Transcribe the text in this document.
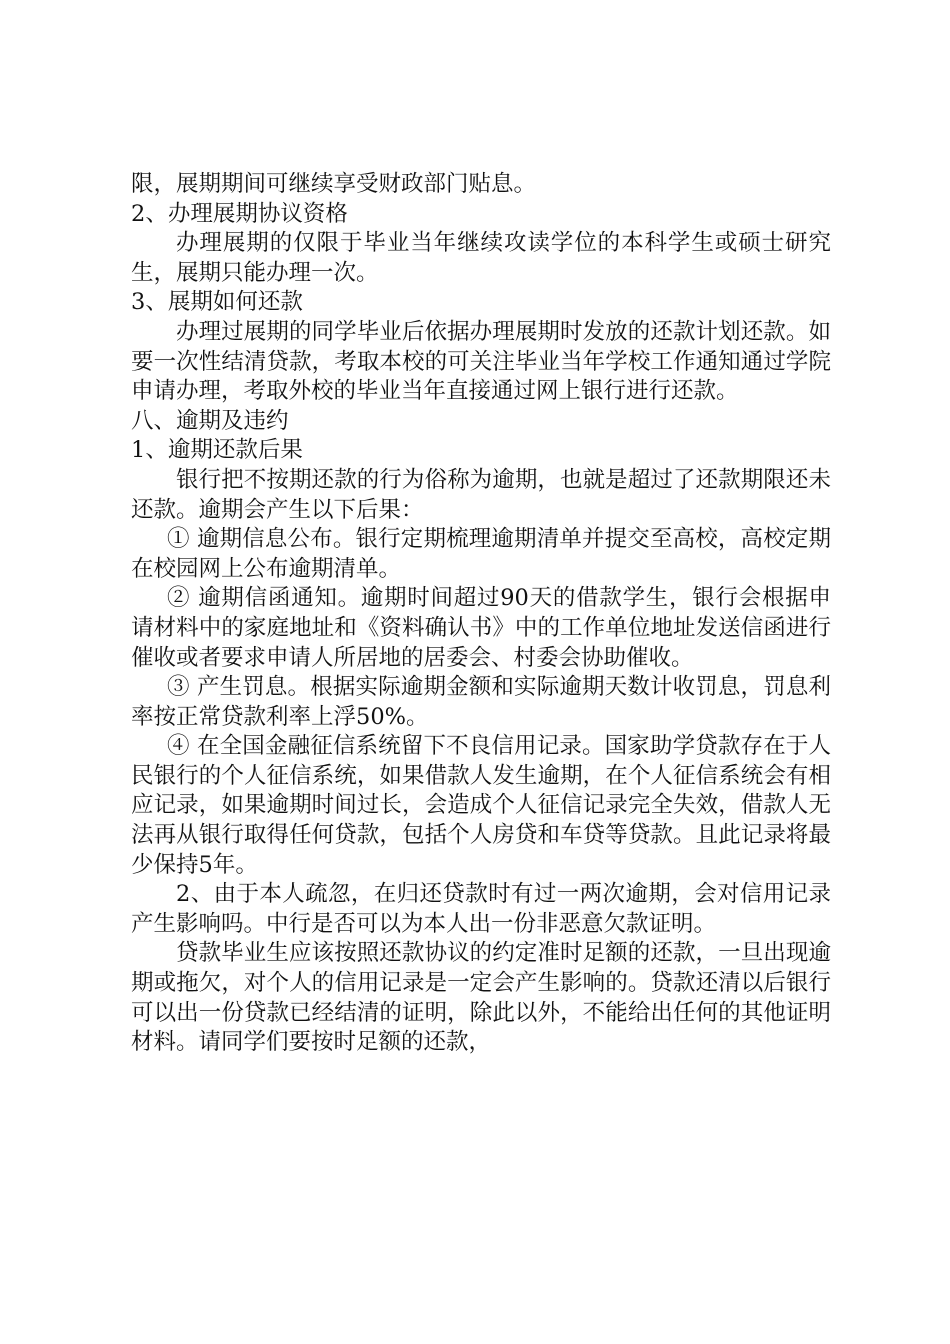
限，展期期间可继续享受财政部门贴息。

2、办理展期协议资格

办理展期的仅限于毕业当年继续攻读学位的本科学生或硕士研究生，展期只能办理一次。

3、展期如何还款

办理过展期的同学毕业后依据办理展期时发放的还款计划还款。如要一次性结清贷款，考取本校的可关注毕业当年学校工作通知通过学院申请办理，考取外校的毕业当年直接通过网上银行进行还款。

八、逾期及违约

1、逾期还款后果

银行把不按期还款的行为俗称为逾期，也就是超过了还款期限还未还款。逾期会产生以下后果：

① 逾期信息公布。银行定期梳理逾期清单并提交至高校，高校定期在校园网上公布逾期清单。

② 逾期信函通知。逾期时间超过90天的借款学生，银行会根据申请材料中的家庭地址和《资料确认书》中的工作单位地址发送信函进行催收或者要求申请人所居地的居委会、村委会协助催收。

③ 产生罚息。根据实际逾期金额和实际逾期天数计收罚息，罚息利率按正常贷款利率上浮50%。

④ 在全国金融征信系统留下不良信用记录。国家助学贷款存在于人民银行的个人征信系统，如果借款人发生逾期，在个人征信系统会有相应记录，如果逾期时间过长，会造成个人征信记录完全失效，借款人无法再从银行取得任何贷款，包括个人房贷和车贷等贷款。且此记录将最少保持5年。

2、由于本人疏忽，在归还贷款时有过一两次逾期，会对信用记录产生影响吗。中行是否可以为本人出一份非恶意欠款证明。

贷款毕业生应该按照还款协议的约定准时足额的还款，一旦出现逾期或拖欠，对个人的信用记录是一定会产生影响的。贷款还清以后银行可以出一份贷款已经结清的证明，除此以外，不能给出任何的其他证明材料。请同学们要按时足额的还款，
